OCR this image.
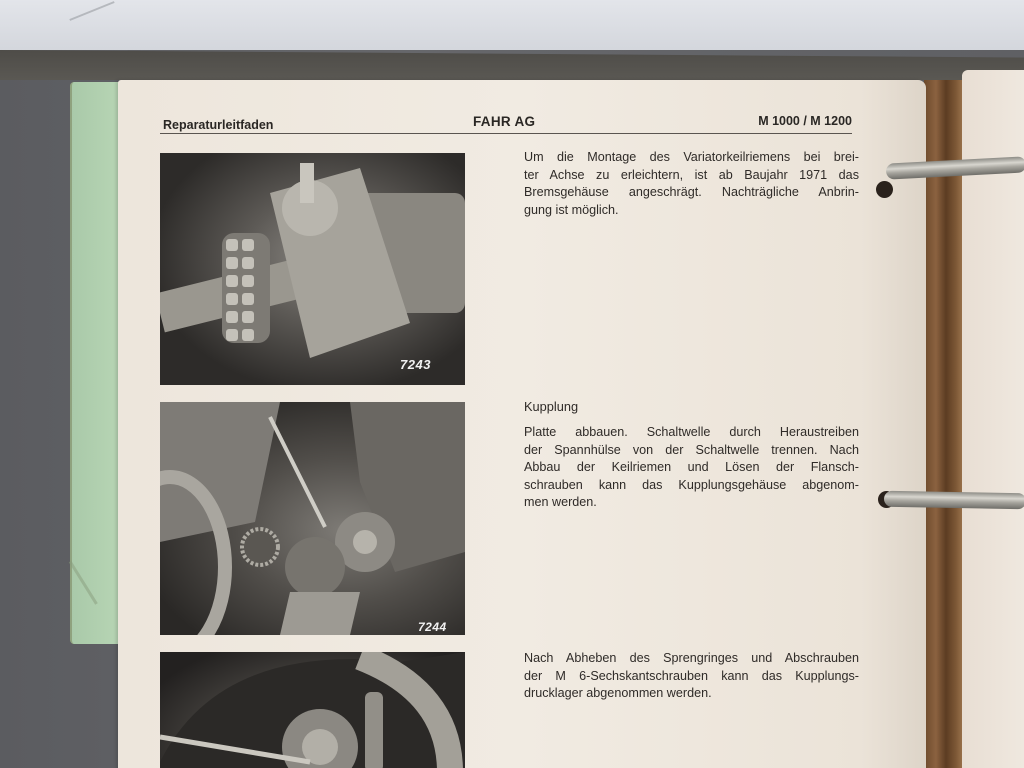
Reparaturleitfaden	FAHR AG	M 1000 / M 1200
7243
7244
Um die Montage des Variatorkeilriemens bei brei-
ter Achse zu erleichtern, ist ab Baujahr 1971 das
Bremsgehäuse angeschrägt. Nachträgliche Anbrin-
gung ist möglich.
Kupplung
Platte abbauen. Schaltwelle durch Heraustreiben
der Spannhülse von der Schaltwelle trennen. Nach
Abbau der Keilriemen und Lösen der Flansch-
schrauben kann das Kupplungsgehäuse abgenom-
men werden.
Nach Abheben des Sprengringes und Abschrauben
der M 6-Sechskantschrauben kann das Kupplungs-
drucklager abgenommen werden.
